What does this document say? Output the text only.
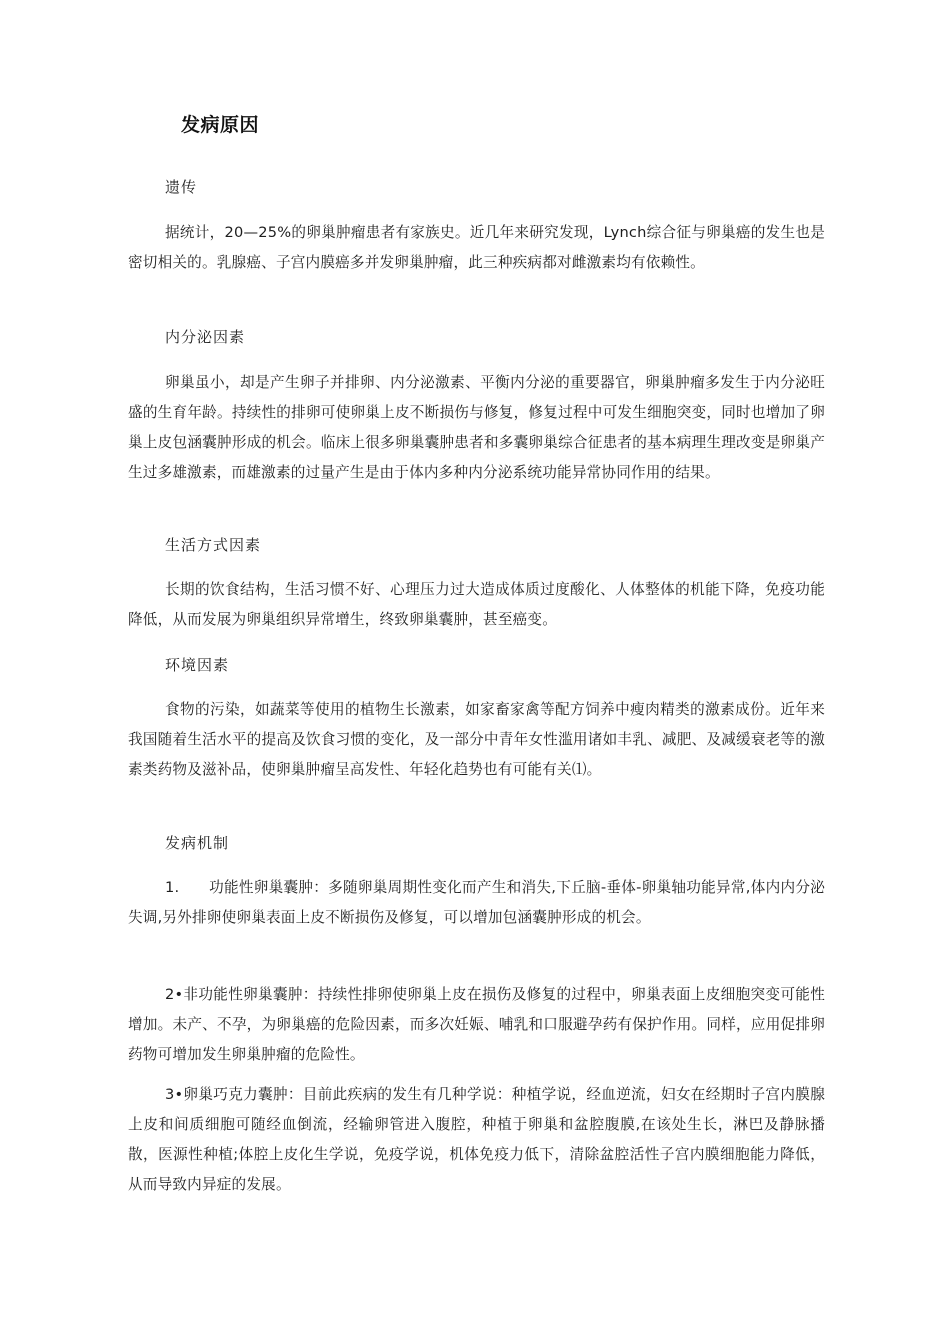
发病原因
遗传

据统计，20—25%的卵巢肿瘤患者有家族史。近几年来研究发现，Lynch综合征与卵巢癌的发生也是密切相关的。乳腺癌、子宫内膜癌多并发卵巢肿瘤，此三种疾病都对雌激素均有依赖性。

内分泌因素

卵巢虽小，却是产生卵子并排卵、内分泌激素、平衡内分泌的重要器官，卵巢肿瘤多发生于内分泌旺盛的生育年龄。持续性的排卵可使卵巢上皮不断损伤与修复，修复过程中可发生细胞突变，同时也增加了卵巢上皮包涵囊肿形成的机会。临床上很多卵巢囊肿患者和多囊卵巢综合征患者的基本病理生理改变是卵巢产生过多雄激素，而雄激素的过量产生是由于体内多种内分泌系统功能异常协同作用的结果。

生活方式因素

长期的饮食结构，生活习惯不好、心理压力过大造成体质过度酸化、人体整体的机能下降，免疫功能降低，从而发展为卵巢组织异常增生，终致卵巢囊肿，甚至癌变。

环境因素

食物的污染，如蔬菜等使用的植物生长激素，如家畜家禽等配方饲养中瘦肉精类的激素成份。近年来我国随着生活水平的提高及饮食习惯的变化，及一部分中青年女性滥用诸如丰乳、减肥、及减缓衰老等的激素类药物及滋补品，使卵巢肿瘤呈高发性、年轻化趋势也有可能有关⑴。

发病机制

1.　　功能性卵巢囊肿：多随卵巢周期性变化而产生和消失,下丘脑-垂体-卵巢轴功能异常,体内内分泌失调,另外排卵使卵巢表面上皮不断损伤及修复，可以增加包涵囊肿形成的机会。

2•非功能性卵巢囊肿：持续性排卵使卵巢上皮在损伤及修复的过程中，卵巢表面上皮细胞突变可能性增加。未产、不孕，为卵巢癌的危险因素，而多次妊娠、哺乳和口服避孕药有保护作用。同样，应用促排卵药物可增加发生卵巢肿瘤的危险性。

3•卵巢巧克力囊肿：目前此疾病的发生有几种学说：种植学说，经血逆流，妇女在经期时子宫内膜腺上皮和间质细胞可随经血倒流，经输卵管进入腹腔，种植于卵巢和盆腔腹膜,在该处生长，淋巴及静脉播散，医源性种植;体腔上皮化生学说，免疫学说，机体免疫力低下，清除盆腔活性子宫内膜细胞能力降低，从而导致内异症的发展。
